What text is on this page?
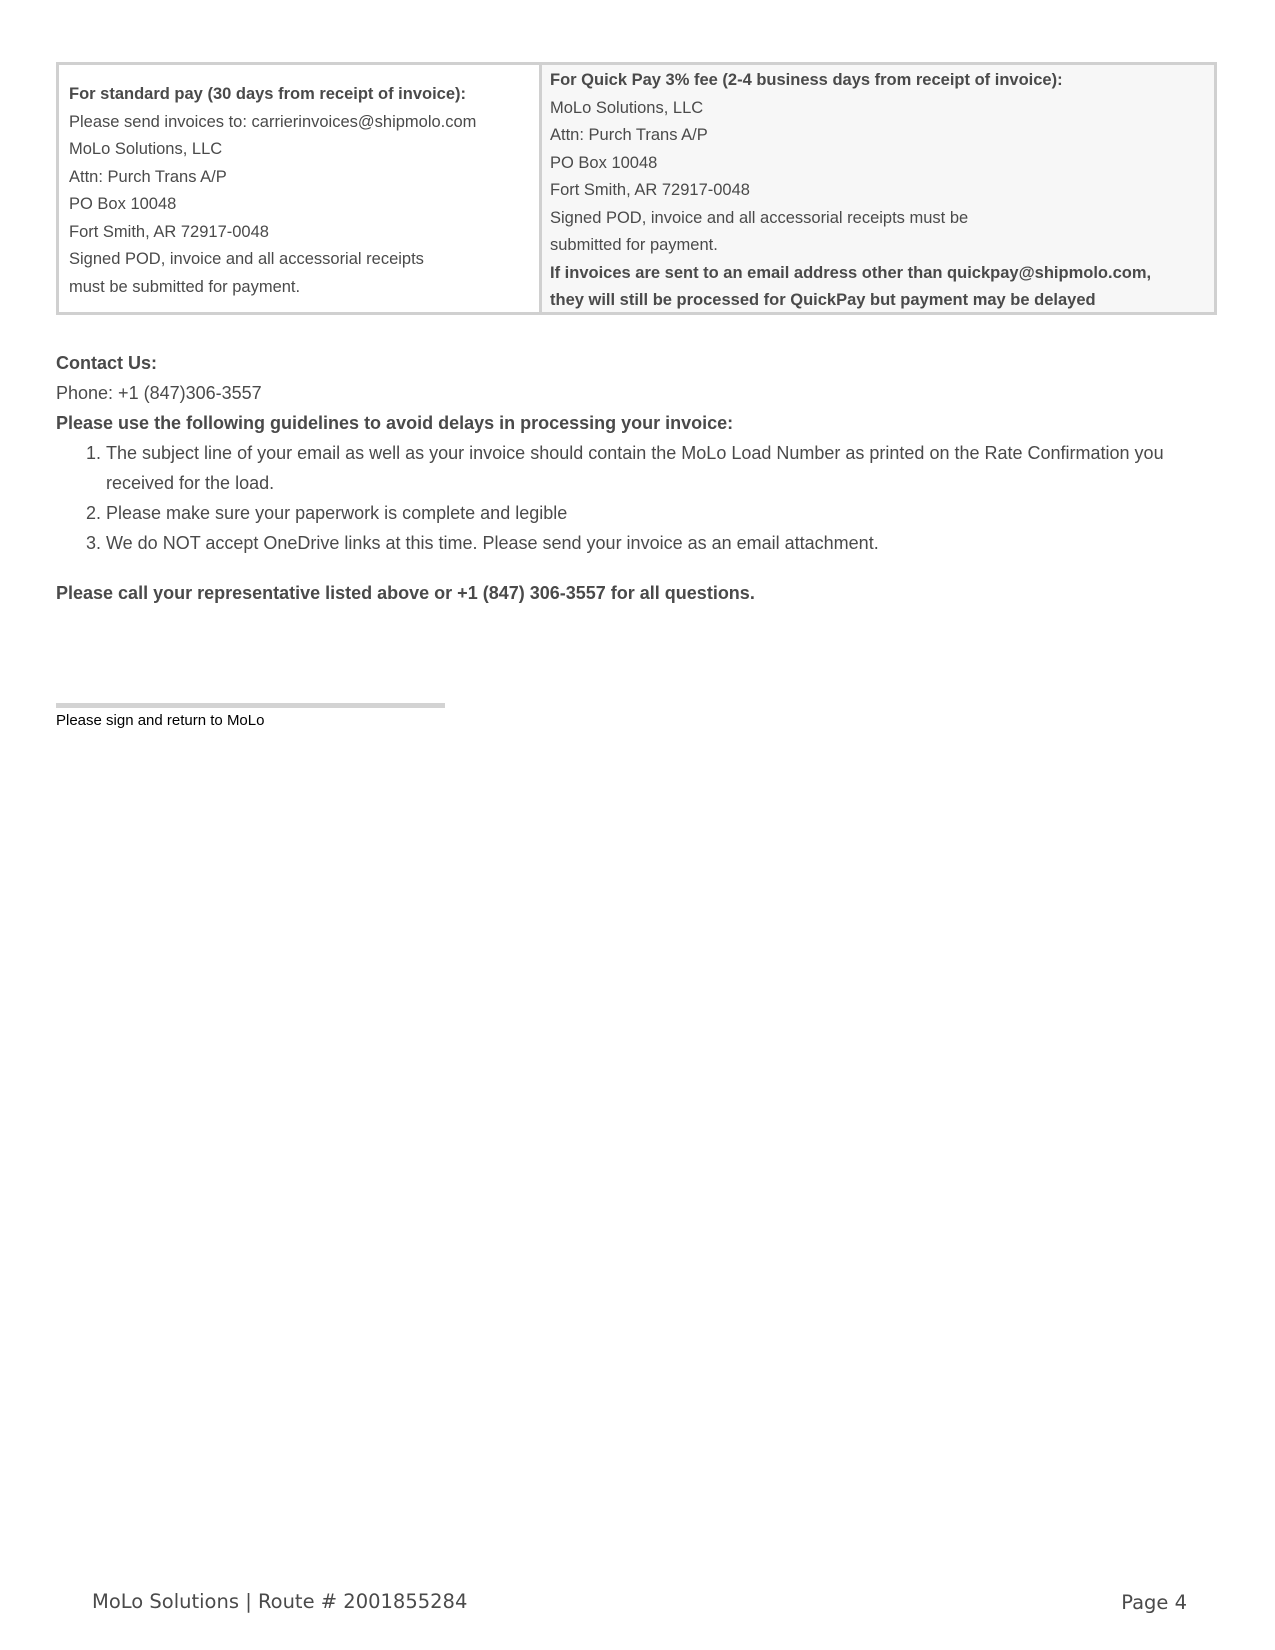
For standard pay (30 days from receipt of invoice):
Please send invoices to: carrierinvoices@shipmolo.com
MoLo Solutions, LLC
Attn: Purch Trans A/P
PO Box 10048
Fort Smith, AR 72917-0048
Signed POD, invoice and all accessorial receipts
must be submitted for payment.
For Quick Pay 3% fee (2-4 business days from receipt of invoice):
MoLo Solutions, LLC
Attn: Purch Trans A/P
PO Box 10048
Fort Smith, AR 72917-0048
Signed POD, invoice and all accessorial receipts must be
submitted for payment.
If invoices are sent to an email address other than quickpay@shipmolo.com,
they will still be processed for QuickPay but payment may be delayed
Contact Us:
Phone: +1 (847)306-3557
Please use the following guidelines to avoid delays in processing your invoice:
1. The subject line of your email as well as your invoice should contain the MoLo Load Number as printed on the Rate Confirmation you received for the load.
2. Please make sure your paperwork is complete and legible
3. We do NOT accept OneDrive links at this time. Please send your invoice as an email attachment.
Please call your representative listed above or +1 (847) 306-3557 for all questions.
Please sign and return to MoLo
MoLo Solutions | Route # 2001855284	Page 4
